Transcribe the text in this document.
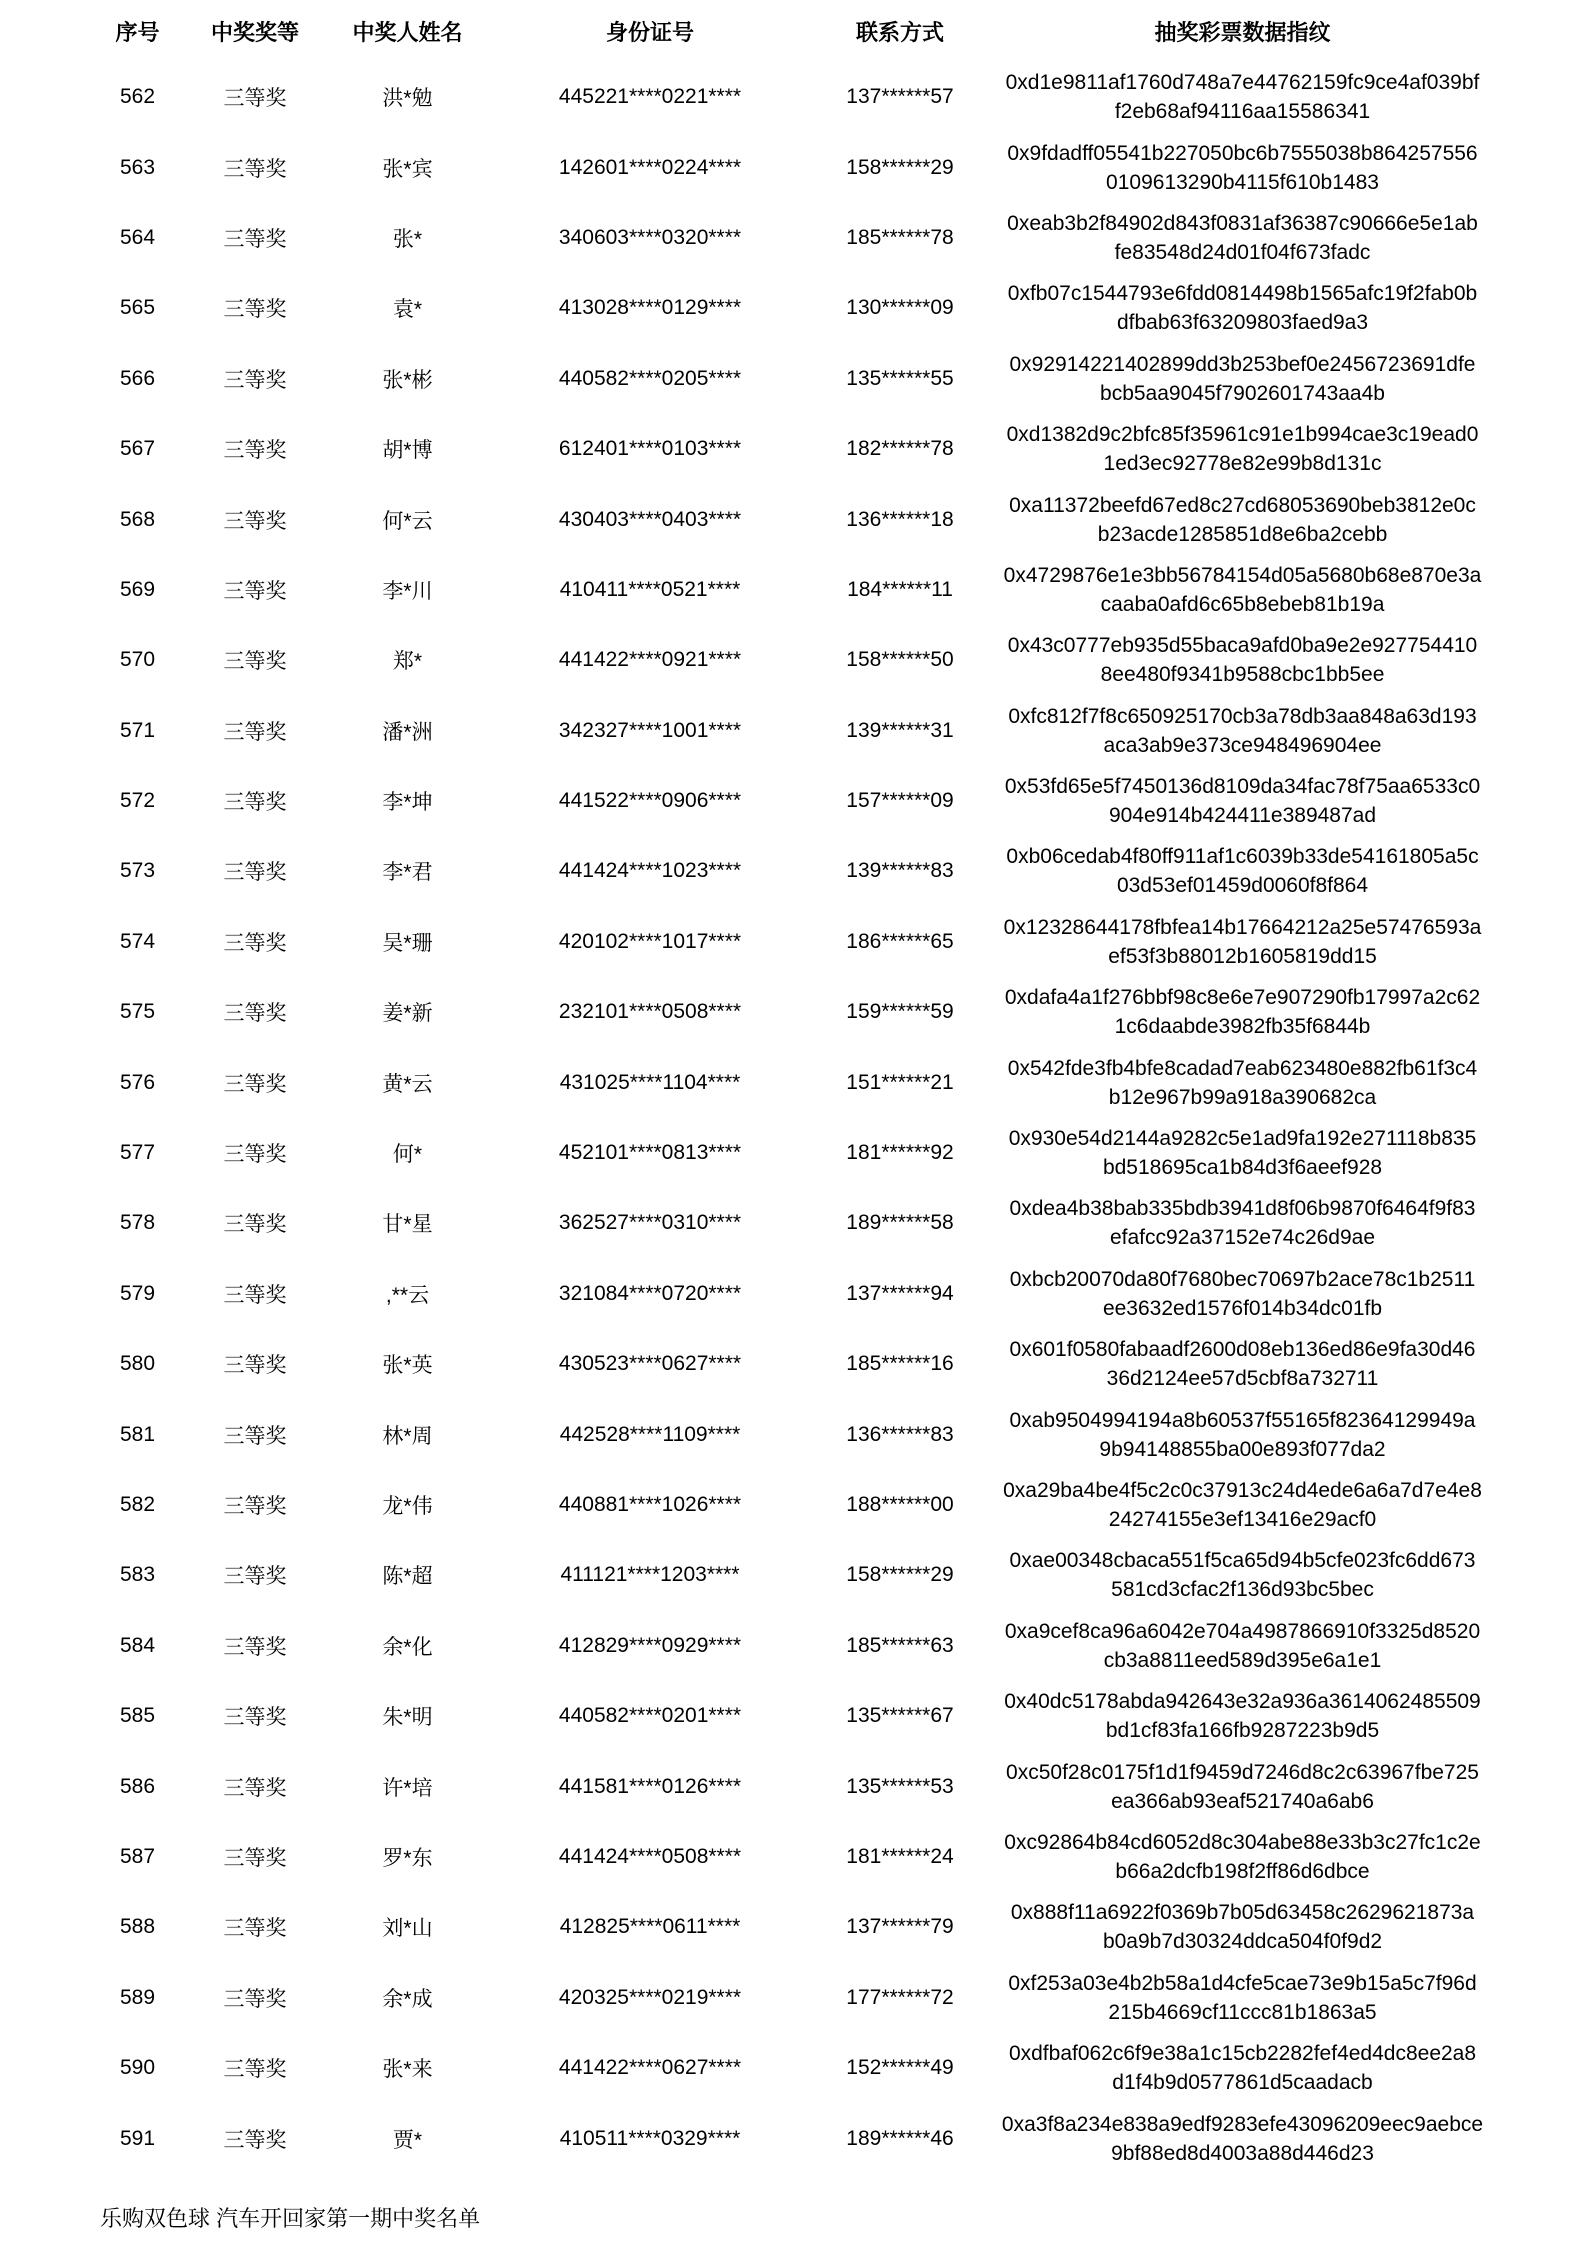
序号	中奖奖等	中奖人姓名	身份证号	联系方式	抽奖彩票数据指纹
562	三等奖	洪*勉	445221****0221****	137******57	0xd1e9811af1760d748a7e44762159fc9ce4af039bf
f2eb68af94116aa15586341

563	三等奖	张*宾	142601****0224****	158******29	0x9fdadff05541b227050bc6b7555038b864257556
0109613290b4115f610b1483

564	三等奖	张*	340603****0320****	185******78	0xeab3b2f84902d843f0831af36387c90666e5e1ab
fe83548d24d01f04f673fadc

565	三等奖	袁*	413028****0129****	130******09	0xfb07c1544793e6fdd0814498b1565afc19f2fab0b
dfbab63f63209803faed9a3

566	三等奖	张*彬	440582****0205****	135******55	0x92914221402899dd3b253bef0e2456723691dfe
bcb5aa9045f7902601743aa4b

567	三等奖	胡*博	612401****0103****	182******78	0xd1382d9c2bfc85f35961c91e1b994cae3c19ead0
1ed3ec92778e82e99b8d131c

568	三等奖	何*云	430403****0403****	136******18	0xa11372beefd67ed8c27cd68053690beb3812e0c
b23acde1285851d8e6ba2cebb

569	三等奖	李*川	410411****0521****	184******11	0x4729876e1e3bb56784154d05a5680b68e870e3a
caaba0afd6c65b8ebeb81b19a

570	三等奖	郑*	441422****0921****	158******50	0x43c0777eb935d55baca9afd0ba9e2e927754410
8ee480f9341b9588cbc1bb5ee

571	三等奖	潘*洲	342327****1001****	139******31	0xfc812f7f8c650925170cb3a78db3aa848a63d193
aca3ab9e373ce948496904ee

572	三等奖	李*坤	441522****0906****	157******09	0x53fd65e5f7450136d8109da34fac78f75aa6533c0
904e914b424411e389487ad

573	三等奖	李*君	441424****1023****	139******83	0xb06cedab4f80ff911af1c6039b33de54161805a5c
03d53ef01459d0060f8f864

574	三等奖	吴*珊	420102****1017****	186******65	0x12328644178fbfea14b17664212a25e57476593a
ef53f3b88012b1605819dd15

575	三等奖	姜*新	232101****0508****	159******59	0xdafa4a1f276bbf98c8e6e7e907290fb17997a2c62
1c6daabde3982fb35f6844b

576	三等奖	黄*云	431025****1104****	151******21	0x542fde3fb4bfe8cadad7eab623480e882fb61f3c4
b12e967b99a918a390682ca

577	三等奖	何*	452101****0813****	181******92	0x930e54d2144a9282c5e1ad9fa192e271118b835
bd518695ca1b84d3f6aeef928

578	三等奖	甘*星	362527****0310****	189******58	0xdea4b38bab335bdb3941d8f06b9870f6464f9f83
efafcc92a37152e74c26d9ae

579	三等奖	,**云	321084****0720****	137******94	0xbcb20070da80f7680bec70697b2ace78c1b2511
ee3632ed1576f014b34dc01fb

580	三等奖	张*英	430523****0627****	185******16	0x601f0580fabaadf2600d08eb136ed86e9fa30d46
36d2124ee57d5cbf8a732711

581	三等奖	林*周	442528****1109****	136******83	0xab9504994194a8b60537f55165f82364129949a
9b94148855ba00e893f077da2

582	三等奖	龙*伟	440881****1026****	188******00	0xa29ba4be4f5c2c0c37913c24d4ede6a6a7d7e4e8
24274155e3ef13416e29acf0

583	三等奖	陈*超	411121****1203****	158******29	0xae00348cbaca551f5ca65d94b5cfe023fc6dd673
581cd3cfac2f136d93bc5bec

584	三等奖	余*化	412829****0929****	185******63	0xa9cef8ca96a6042e704a4987866910f3325d8520
cb3a8811eed589d395e6a1e1

585	三等奖	朱*明	440582****0201****	135******67	0x40dc5178abda942643e32a936a3614062485509
bd1cf83fa166fb9287223b9d5

586	三等奖	许*培	441581****0126****	135******53	0xc50f28c0175f1d1f9459d7246d8c2c63967fbe725
ea366ab93eaf521740a6ab6

587	三等奖	罗*东	441424****0508****	181******24	0xc92864b84cd6052d8c304abe88e33b3c27fc1c2e
b66a2dcfb198f2ff86d6dbce

588	三等奖	刘*山	412825****0611****	137******79	0x888f11a6922f0369b7b05d63458c2629621873a
b0a9b7d30324ddca504f0f9d2

589	三等奖	余*成	420325****0219****	177******72	0xf253a03e4b2b58a1d4cfe5cae73e9b15a5c7f96d
215b4669cf11ccc81b1863a5

590	三等奖	张*来	441422****0627****	152******49	0xdfbaf062c6f9e38a1c15cb2282fef4ed4dc8ee2a8
d1f4b9d0577861d5caadacb

591	三等奖	贾*	410511****0329****	189******46	0xa3f8a234e838a9edf9283efe43096209eec9aebce
9bf88ed8d4003a88d446d23
乐购双色球 汽车开回家第一期中奖名单
